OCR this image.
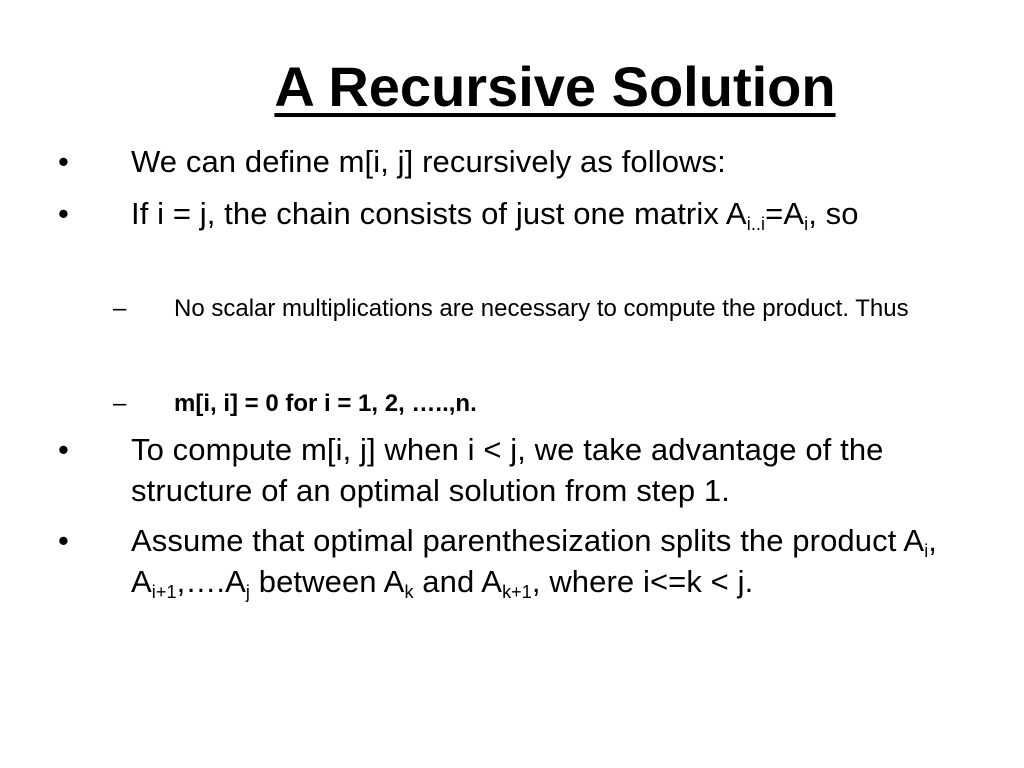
A Recursive Solution
• We can define m[i, j] recursively as follows:
• If i = j, the chain consists of just one matrix $A_{i..i}=A_i$, so
– No scalar multiplications are necessary to compute the product. Thus
– m[i, i] = 0 for i = 1, 2, …..,n.
• To compute m[i, j] when i < j, we take advantage of the structure of an optimal solution from step 1.
• Assume that optimal parenthesization splits the product $A_i$, $A_{i+1},\dots.A_j$ between $A_k$ and $A_{k+1}$, where i<=k < j.
